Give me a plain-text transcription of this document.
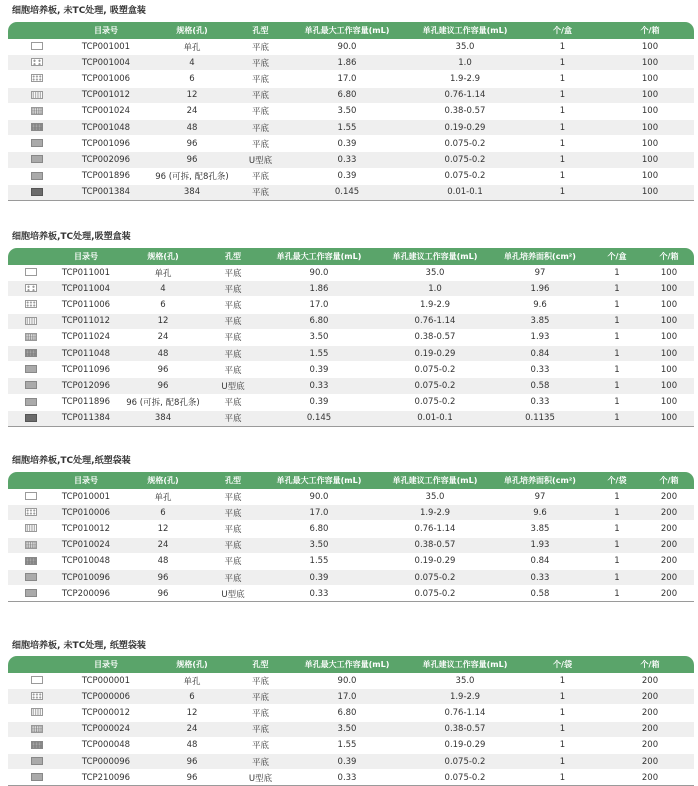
细胞培养板, 未TC处理, 吸塑盒装
	目录号	规格(孔)	孔型	单孔最大工作容量(mL)	单孔建议工作容量(mL)	个/盒	个/箱
	TCP001001	单孔	平底	90.0	35.0	1	100
	TCP001004	4	平底	1.86	1.0	1	100
	TCP001006	6	平底	17.0	1.9-2.9	1	100
	TCP001012	12	平底	6.80	0.76-1.14	1	100
	TCP001024	24	平底	3.50	0.38-0.57	1	100
	TCP001048	48	平底	1.55	0.19-0.29	1	100
	TCP001096	96	平底	0.39	0.075-0.2	1	100
	TCP002096	96	U型底	0.33	0.075-0.2	1	100
	TCP001896	96 (可拆, 配8孔条)	平底	0.39	0.075-0.2	1	100
	TCP001384	384	平底	0.145	0.01-0.1	1	100
细胞培养板,TC处理,吸塑盒装
	目录号	规格(孔)	孔型	单孔最大工作容量(mL)	单孔建议工作容量(mL)	单孔培养面积(cm²)	个/盒	个/箱
	TCP011001	单孔	平底	90.0	35.0	97	1	100
	TCP011004	4	平底	1.86	1.0	1.96	1	100
	TCP011006	6	平底	17.0	1.9-2.9	9.6	1	100
	TCP011012	12	平底	6.80	0.76-1.14	3.85	1	100
	TCP011024	24	平底	3.50	0.38-0.57	1.93	1	100
	TCP011048	48	平底	1.55	0.19-0.29	0.84	1	100
	TCP011096	96	平底	0.39	0.075-0.2	0.33	1	100
	TCP012096	96	U型底	0.33	0.075-0.2	0.58	1	100
	TCP011896	96 (可拆, 配8孔条)	平底	0.39	0.075-0.2	0.33	1	100
	TCP011384	384	平底	0.145	0.01-0.1	0.1135	1	100
细胞培养板,TC处理,纸塑袋装
	目录号	规格(孔)	孔型	单孔最大工作容量(mL)	单孔建议工作容量(mL)	单孔培养面积(cm²)	个/袋	个/箱
	TCP010001	单孔	平底	90.0	35.0	97	1	200
	TCP010006	6	平底	17.0	1.9-2.9	9.6	1	200
	TCP010012	12	平底	6.80	0.76-1.14	3.85	1	200
	TCP010024	24	平底	3.50	0.38-0.57	1.93	1	200
	TCP010048	48	平底	1.55	0.19-0.29	0.84	1	200
	TCP010096	96	平底	0.39	0.075-0.2	0.33	1	200
	TCP200096	96	U型底	0.33	0.075-0.2	0.58	1	200
细胞培养板, 未TC处理, 纸塑袋装
	目录号	规格(孔)	孔型	单孔最大工作容量(mL)	单孔建议工作容量(mL)	个/袋	个/箱
	TCP000001	单孔	平底	90.0	35.0	1	200
	TCP000006	6	平底	17.0	1.9-2.9	1	200
	TCP000012	12	平底	6.80	0.76-1.14	1	200
	TCP000024	24	平底	3.50	0.38-0.57	1	200
	TCP000048	48	平底	1.55	0.19-0.29	1	200
	TCP000096	96	平底	0.39	0.075-0.2	1	200
	TCP210096	96	U型底	0.33	0.075-0.2	1	200
